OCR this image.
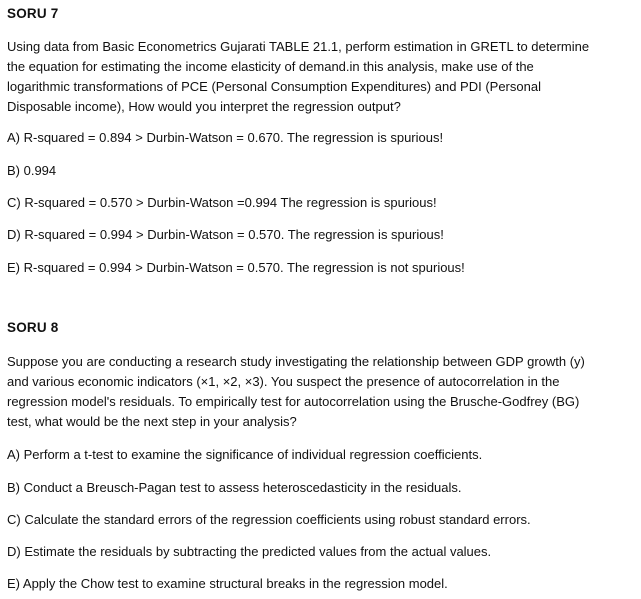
SORU 7
Using data from Basic Econometrics Gujarati TABLE 21.1, perform estimation in GRETL to determine
the equation for estimating the income elasticity of demand.in this analysis, make use of the
logarithmic transformations of PCE (Personal Consumption Expenditures) and PDI (Personal
Disposable income), How would you interpret the regression output?
A) R-squared = 0.894 > Durbin-Watson = 0.670. The regression is spurious!
B) 0.994
C) R-squared = 0.570 > Durbin-Watson =0.994 The regression is spurious!
D) R-squared = 0.994 > Durbin-Watson = 0.570. The regression is spurious!
E) R-squared = 0.994 > Durbin-Watson = 0.570. The regression is not spurious!
SORU 8
Suppose you are conducting a research study investigating the relationship between GDP growth (y)
and various economic indicators (×1, ×2, ×3). You suspect the presence of autocorrelation in the
regression model's residuals. To empirically test for autocorrelation using the Brusche-Godfrey (BG)
test, what would be the next step in your analysis?
A) Perform a t-test to examine the significance of individual regression coefficients.
B) Conduct a Breusch-Pagan test to assess heteroscedasticity in the residuals.
C) Calculate the standard errors of the regression coefficients using robust standard errors.
D) Estimate the residuals by subtracting the predicted values from the actual values.
E) Apply the Chow test to examine structural breaks in the regression model.
